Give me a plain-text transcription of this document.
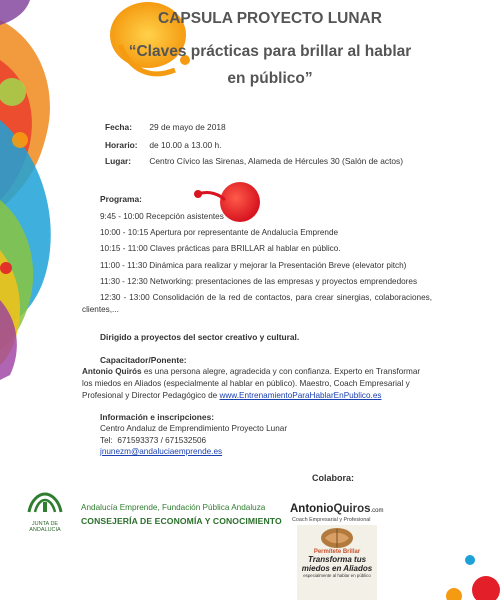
CAPSULA PROYECTO LUNAR
“Claves prácticas para brillar al hablar
en público”
Fecha: 29 de mayo de 2018
Horario: de 10.00 a 13.00 h.
Lugar: Centro Cívico las Sirenas, Alameda de Hércules 30 (Salón de actos)
Programa:
9:45 - 10:00 Recepción asistentes
10:00 - 10:15 Apertura por representante de Andalucía Emprende
10:15 - 11:00 Claves prácticas para BRILLAR al hablar en público.
11:00 - 11:30 Dinámica para realizar y mejorar la Presentación Breve (elevator pitch)
11:30 - 12:30 Networking: presentaciones de las empresas y proyectos emprendedores
12:30 - 13:00 Consolidación de la red de contactos, para crear sinergias, colaboraciones, clientes,...
Dirigido a proyectos del sector creativo y cultural.
Capacitador/Ponente:
Antonio Quirós es una persona alegre, agradecida y con confianza. Experto en Transformar los miedos en Aliados (especialmente al hablar en público). Maestro, Coach Empresarial y Profesional y Director Pedagógico de www.EntrenamientoParaHablarEnPublico.es
Información e inscripciones:
Centro Andaluz de Emprendimiento Proyecto Lunar
Tel: 671593373 / 671532506
jnunezm@andaluciaemprende.es
Colabora:
JUNTA DE ANDALUCIA
Andalucía Emprende, Fundación Pública Andaluza
CONSEJERÍA DE ECONOMÍA Y CONOCIMIENTO
AntonioQuiros.com
Coach Empresarial y Profesional
Permítete Brillar
Transforma tus
miedos en Aliados
especialmente al hablar en público
